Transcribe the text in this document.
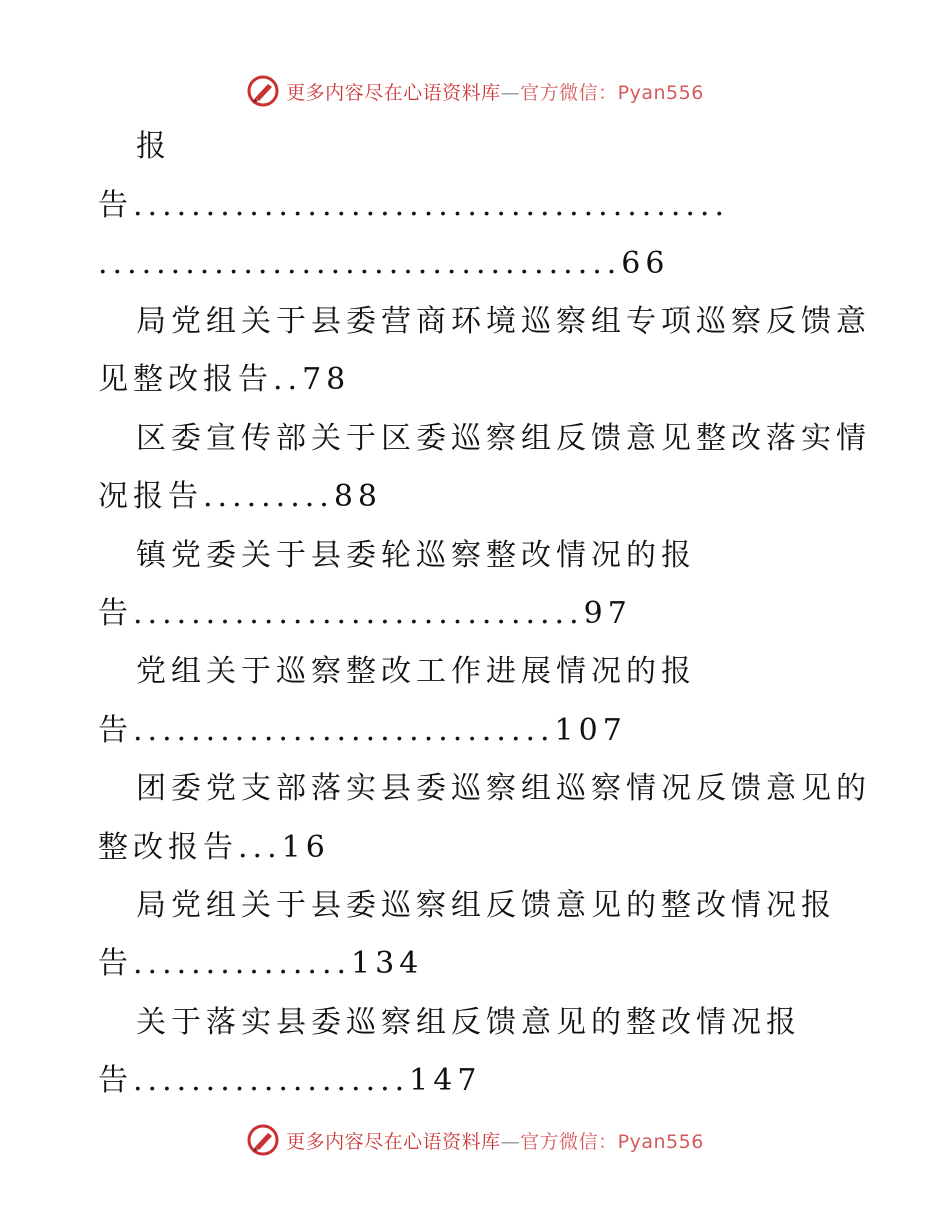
更多内容尽在心语资料库—官方微信：Pyan556
报
告.........................................
....................................66
局党组关于县委营商环境巡察组专项巡察反馈意
见整改报告..78
区委宣传部关于区委巡察组反馈意见整改落实情
况报告.........88
镇党委关于县委轮巡察整改情况的报
告...............................97
党组关于巡察整改工作进展情况的报
告.............................107
团委党支部落实县委巡察组巡察情况反馈意见的
整改报告...16
局党组关于县委巡察组反馈意见的整改情况报
告...............134
关于落实县委巡察组反馈意见的整改情况报
告...................147
更多内容尽在心语资料库—官方微信：Pyan556
